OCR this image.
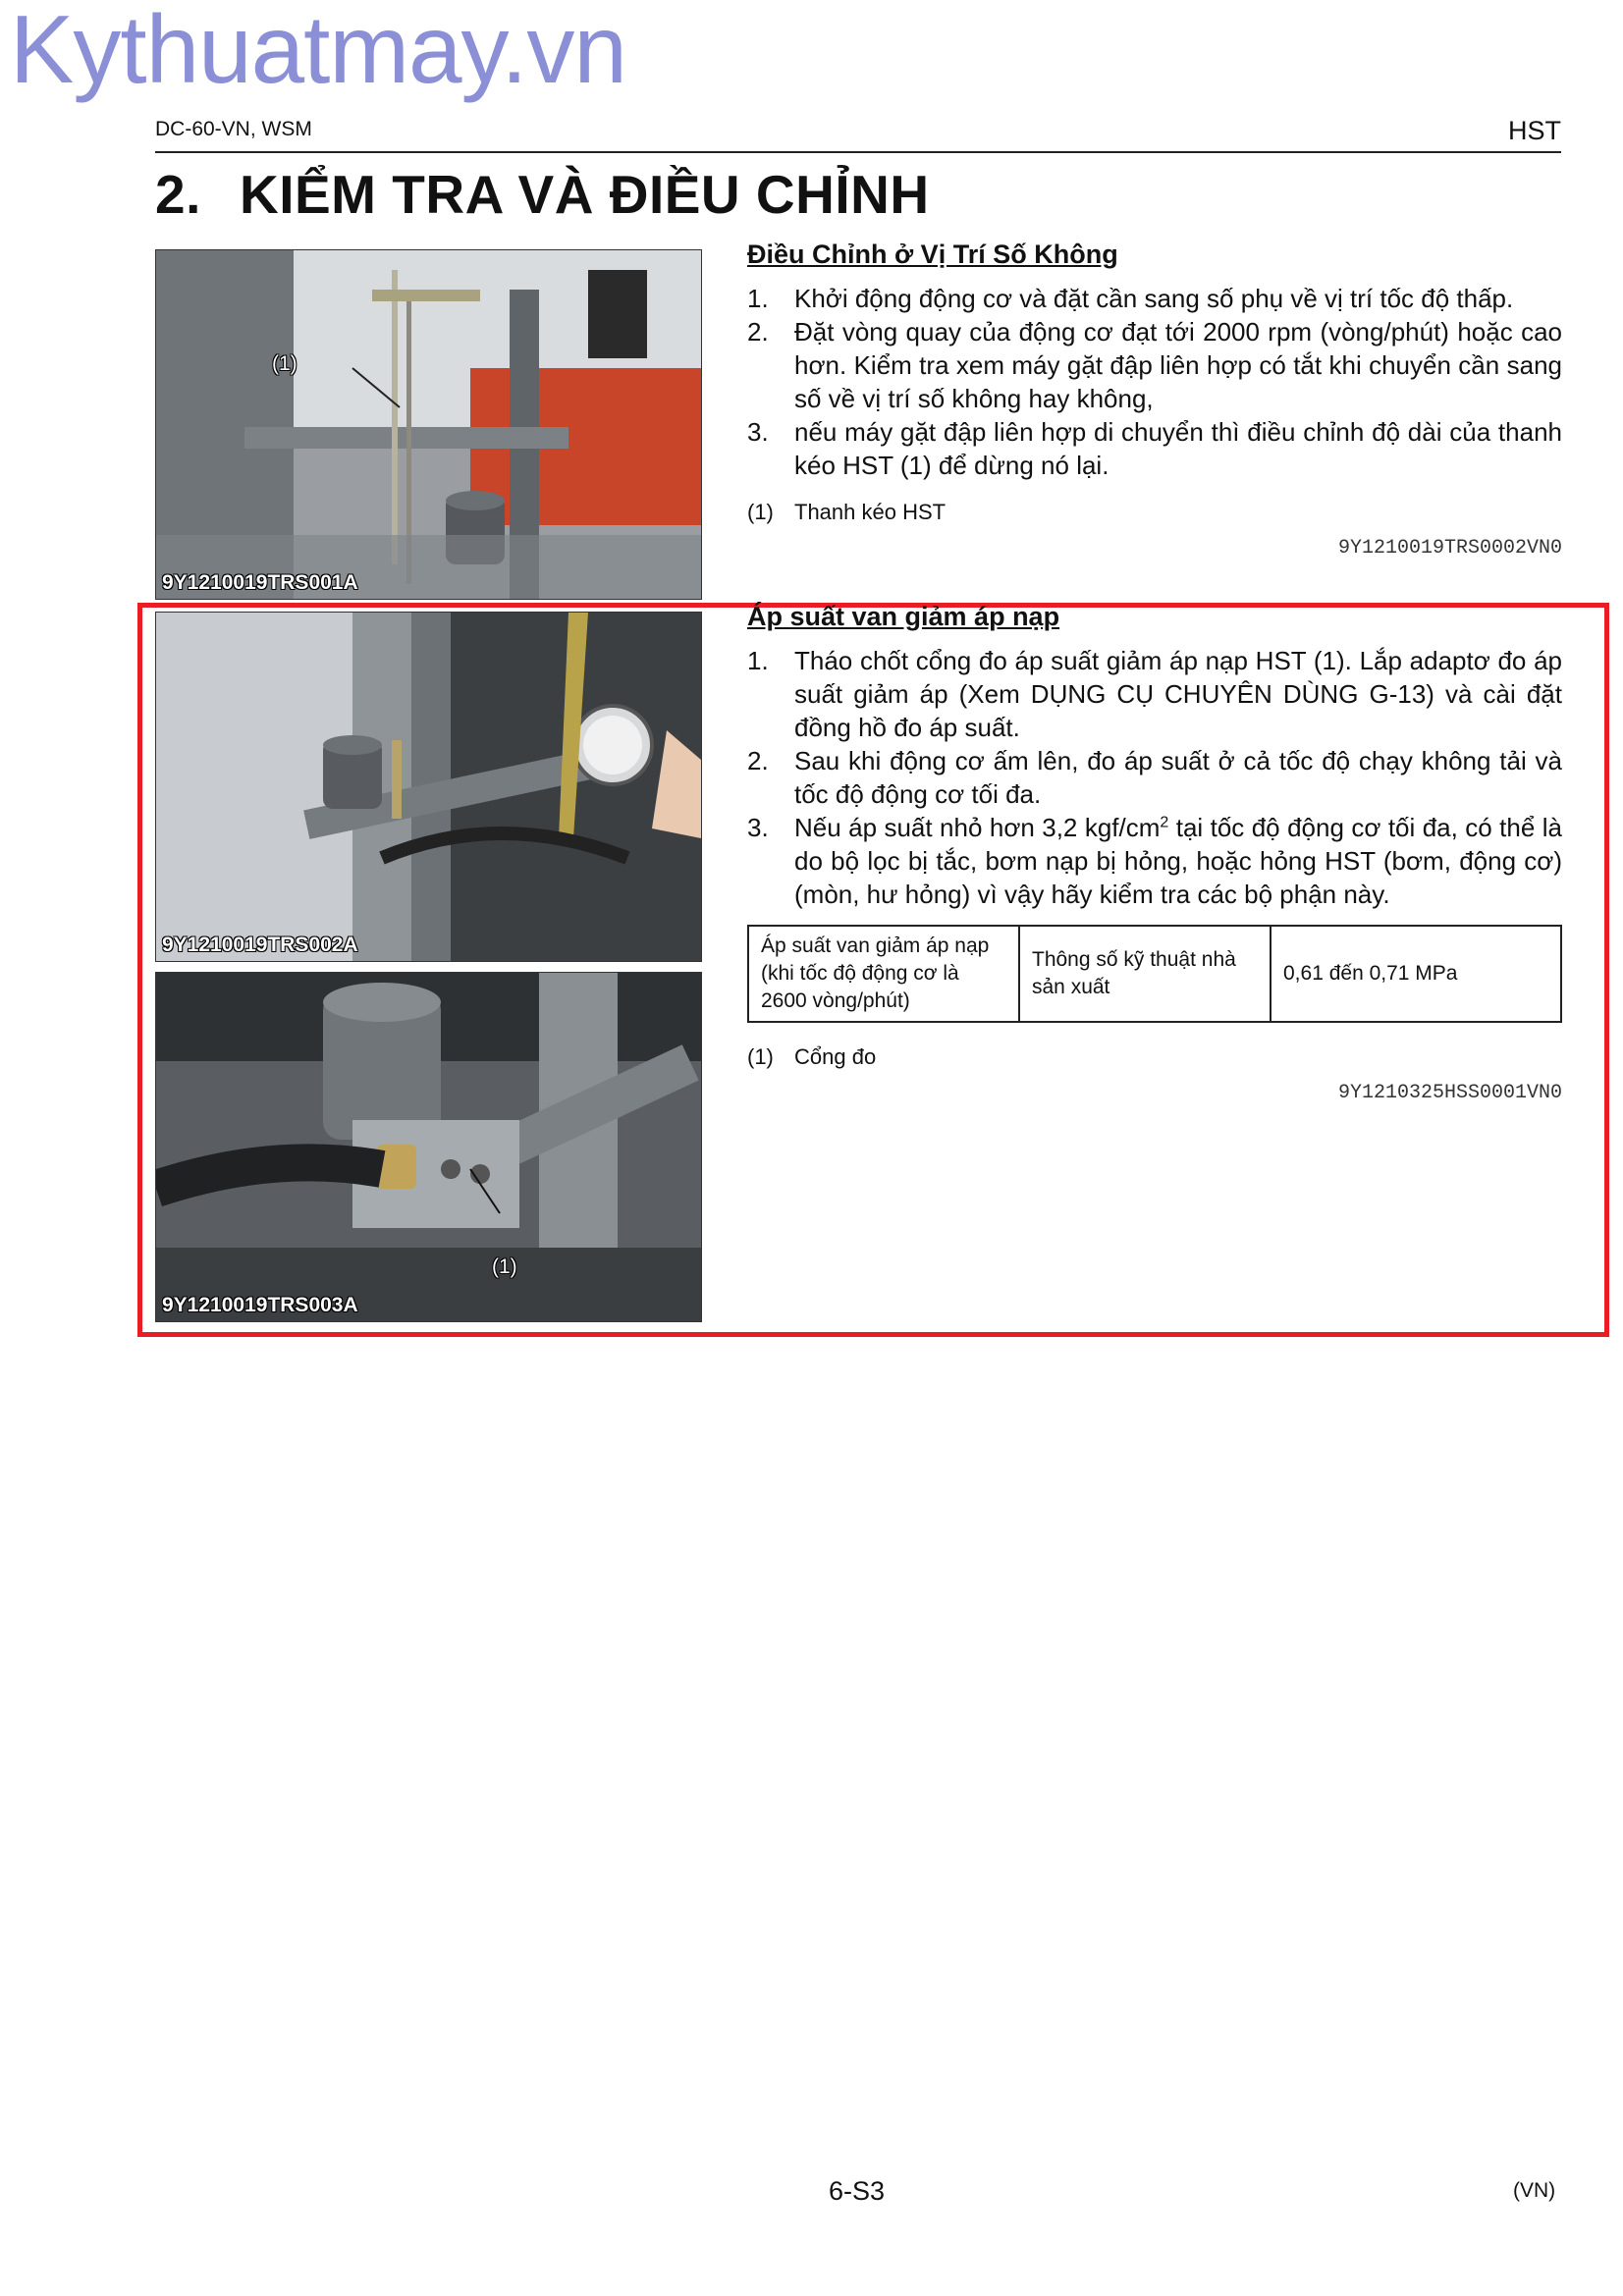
Kythuatmay.vn
DC-60-VN, WSM	HST
2. KIỂM TRA VÀ ĐIỀU CHỈNH
(1)
9Y1210019TRS001A
Điều Chỉnh ở Vị Trí Số Không
1. Khởi động động cơ và đặt cần sang số phụ về vị trí tốc độ thấp.
2. Đặt vòng quay của động cơ đạt tới 2000 rpm (vòng/phút) hoặc cao hơn. Kiểm tra xem máy gặt đập liên hợp có tắt khi chuyển cần sang số về vị trí số không hay không,
3. nếu máy gặt đập liên hợp di chuyển thì điều chỉnh độ dài của thanh kéo HST (1) để dừng nó lại.
(1) Thanh kéo HST
9Y1210019TRS0002VN0
9Y1210019TRS002A
(1)
9Y1210019TRS003A
Áp suất van giảm áp nạp
1. Tháo chốt cổng đo áp suất giảm áp nạp HST (1). Lắp adaptơ đo áp suất giảm áp (Xem DỤNG CỤ CHUYÊN DÙNG G-13) và cài đặt đồng hồ đo áp suất.
2. Sau khi động cơ ấm lên, đo áp suất ở cả tốc độ chạy không tải và tốc độ động cơ tối đa.
3. Nếu áp suất nhỏ hơn 3,2 kgf/$cm^2$ tại tốc độ động cơ tối đa, có thể là do bộ lọc bị tắc, bơm nạp bị hỏng, hoặc hỏng HST (bơm, động cơ) (mòn, hư hỏng) vì vậy hãy kiểm tra các bộ phận này.
Áp suất van giảm áp nạp (khi tốc độ động cơ là 2600 vòng/phút)	Thông số kỹ thuật nhà sản xuất	0,61 đến 0,71 MPa
(1) Cổng đo
9Y1210325HSS0001VN0
6-S3	(VN)
